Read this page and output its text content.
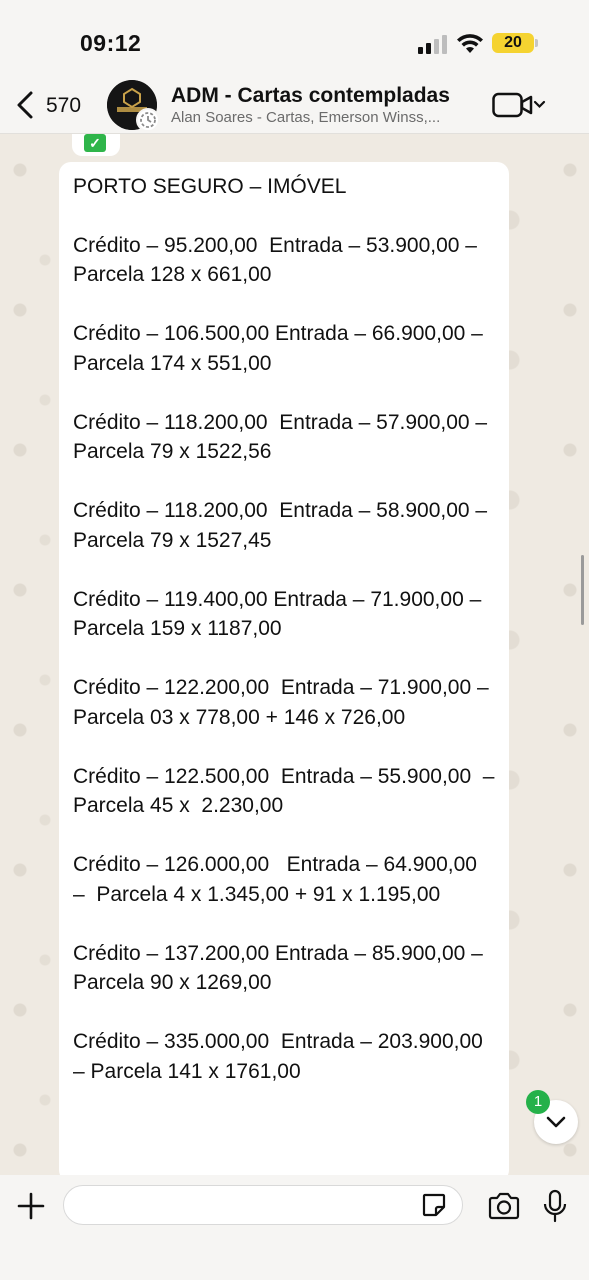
09:12	20
570	ADM - Cartas contempladas
Alan Soares - Cartas, Emerson Winss,...
✓
PORTO SEGURO – IMÓVEL
Crédito – 95.200,00  Entrada – 53.900,00 – Parcela 128 x 661,00
Crédito – 106.500,00 Entrada – 66.900,00 – Parcela 174 x 551,00
Crédito – 118.200,00  Entrada – 57.900,00 – Parcela 79 x 1522,56
Crédito – 118.200,00  Entrada – 58.900,00 – Parcela 79 x 1527,45
Crédito – 119.400,00 Entrada – 71.900,00 – Parcela 159 x 1187,00
Crédito – 122.200,00  Entrada – 71.900,00 – Parcela 03 x 778,00 + 146 x 726,00
Crédito – 122.500,00  Entrada – 55.900,00  – Parcela 45 x  2.230,00
Crédito – 126.000,00   Entrada – 64.900,00  –  Parcela 4 x 1.345,00 + 91 x 1.195,00
Crédito – 137.200,00 Entrada – 85.900,00 – Parcela 90 x 1269,00
Crédito – 335.000,00  Entrada – 203.900,00 – Parcela 141 x 1761,00
1
